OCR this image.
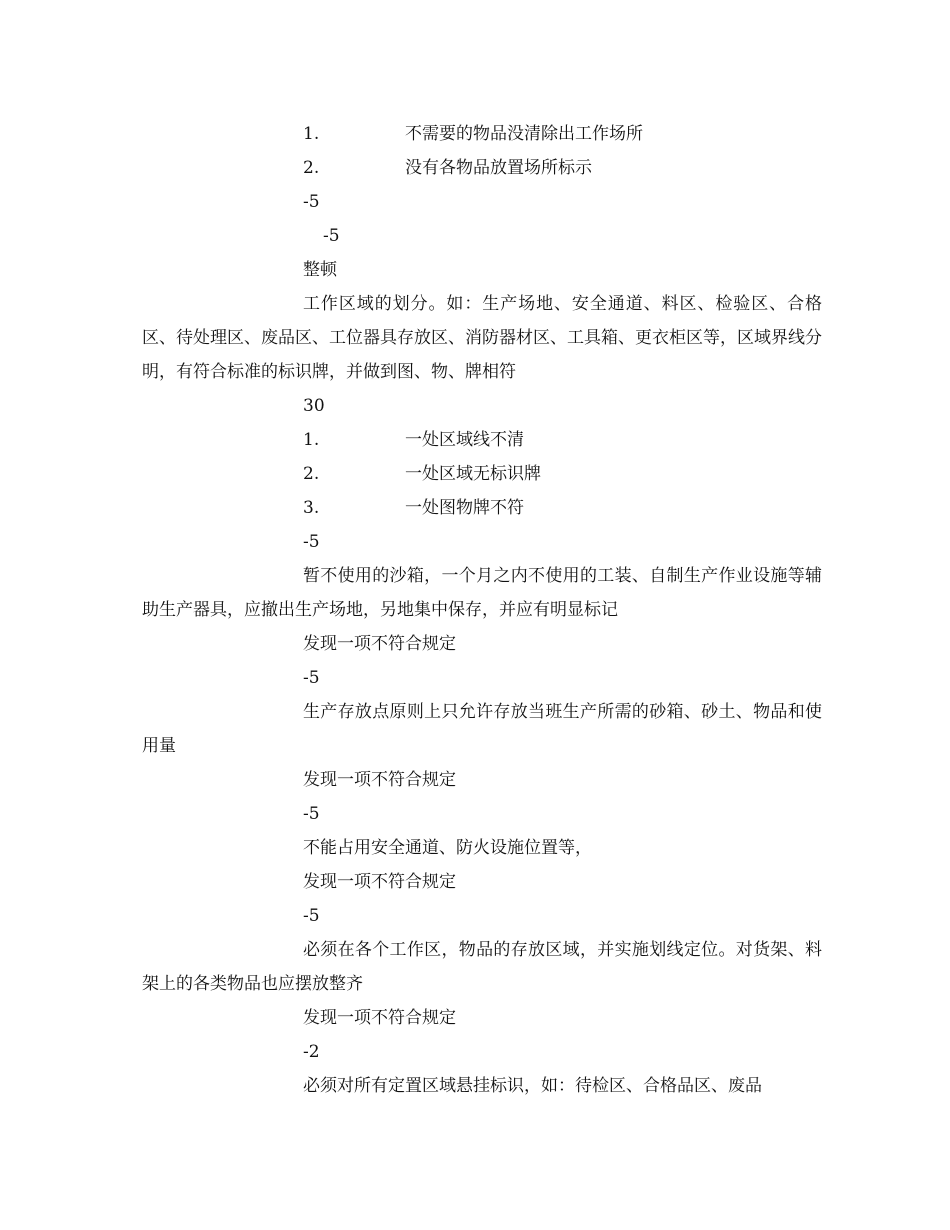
1.	不需要的物品没清除出工作场所
2.	没有各物品放置场所标示
-5
-5
整顿
工作区域的划分。如：生产场地、安全通道、料区、检验区、合格区、待处理区、废品区、工位器具存放区、消防器材区、工具箱、更衣柜区等，区域界线分明，有符合标准的标识牌，并做到图、物、牌相符
30
1.	一处区域线不清
2.	一处区域无标识牌
3.	一处图物牌不符
-5
暂不使用的沙箱，一个月之内不使用的工装、自制生产作业设施等辅助生产器具，应撤出生产场地，另地集中保存，并应有明显标记
发现一项不符合规定
-5
生产存放点原则上只允许存放当班生产所需的砂箱、砂土、物品和使用量
发现一项不符合规定
-5
不能占用安全通道、防火设施位置等，
发现一项不符合规定
-5
必须在各个工作区，物品的存放区域，并实施划线定位。对货架、料架上的各类物品也应摆放整齐
发现一项不符合规定
-2
必须对所有定置区域悬挂标识，如：待检区、合格品区、废品
